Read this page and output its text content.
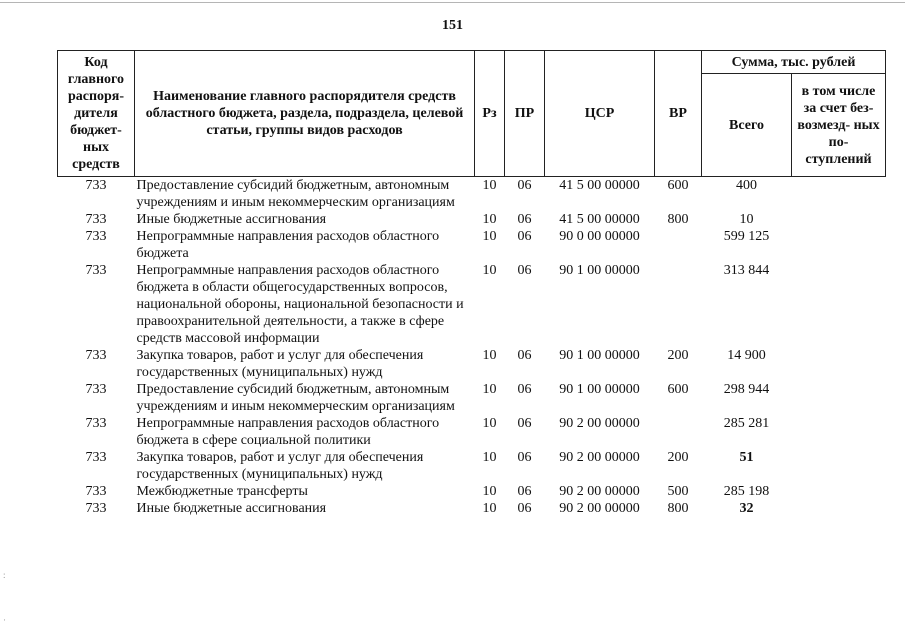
151
Код главного распоря- дителя бюджет- ных средств	Наименование главного распорядителя средств областного бюджета, раздела, подраздела, целевой статьи, группы видов расходов	Рз	ПР	ЦСР	ВР	Сумма, тыс. рублей	
						Всего	в том числе за счет без- возмезд- ных по- ступлений
733	Предоставление субсидий бюджетным, автономным учреждениям и иным некоммерческим организациям	10	06	41 5 00 00000	600	400	
733	Иные бюджетные ассигнования	10	06	41 5 00 00000	800	10	
733	Непрограммные направления расходов областного бюджета	10	06	90 0 00 00000		599 125	
733	Непрограммные направления расходов областного бюджета в области общегосударственных вопросов, национальной обороны, национальной безопасности и правоохранительной деятельности, а также в сфере средств массовой информации	10	06	90 1 00 00000		313 844	
733	Закупка товаров, работ и услуг для обеспечения государственных (муниципальных) нужд	10	06	90 1 00 00000	200	14 900	
733	Предоставление субсидий бюджетным, автономным учреждениям и иным некоммерческим организациям	10	06	90 1 00 00000	600	298 944	
733	Непрограммные направления расходов областного бюджета в сфере социальной политики	10	06	90 2 00 00000		285 281	
733	Закупка товаров, работ и услуг для обеспечения государственных (муниципальных) нужд	10	06	90 2 00 00000	200	51	
733	Межбюджетные трансферты	10	06	90 2 00 00000	500	285 198	
733	Иные бюджетные ассигнования	10	06	90 2 00 00000	800	32	
:
·
